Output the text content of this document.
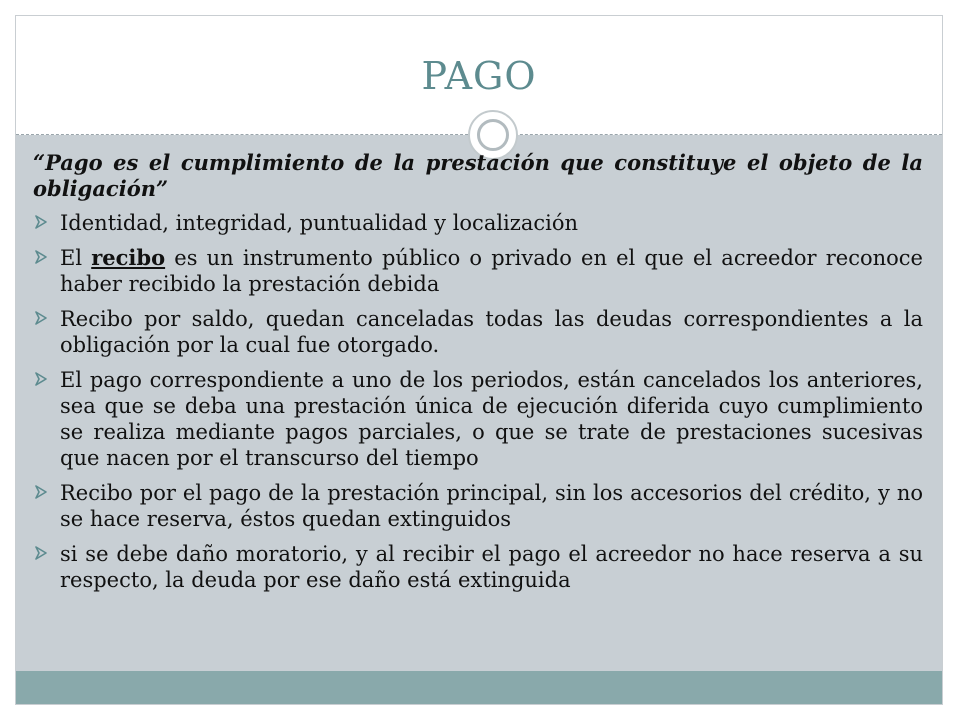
PAGO

“Pago es el cumplimiento de la prestación que constituye el objeto de la obligación”

Identidad, integridad, puntualidad y localización
El recibo es un instrumento público o privado en el que el acreedor reconoce haber recibido la prestación debida
Recibo por saldo, quedan canceladas todas las deudas correspondientes a la obligación por la cual fue otorgado.
El pago correspondiente a uno de los periodos, están cancelados los anteriores, sea que se deba una prestación única de ejecución diferida cuyo cumplimiento se realiza mediante pagos parciales, o que se trate de prestaciones sucesivas que nacen por el transcurso del tiempo
Recibo por el pago de la prestación principal, sin los accesorios del crédito, y no se hace reserva, éstos quedan extinguidos
si se debe daño moratorio, y al recibir el pago el acreedor no hace reserva a su respecto, la deuda por ese daño está extinguida
